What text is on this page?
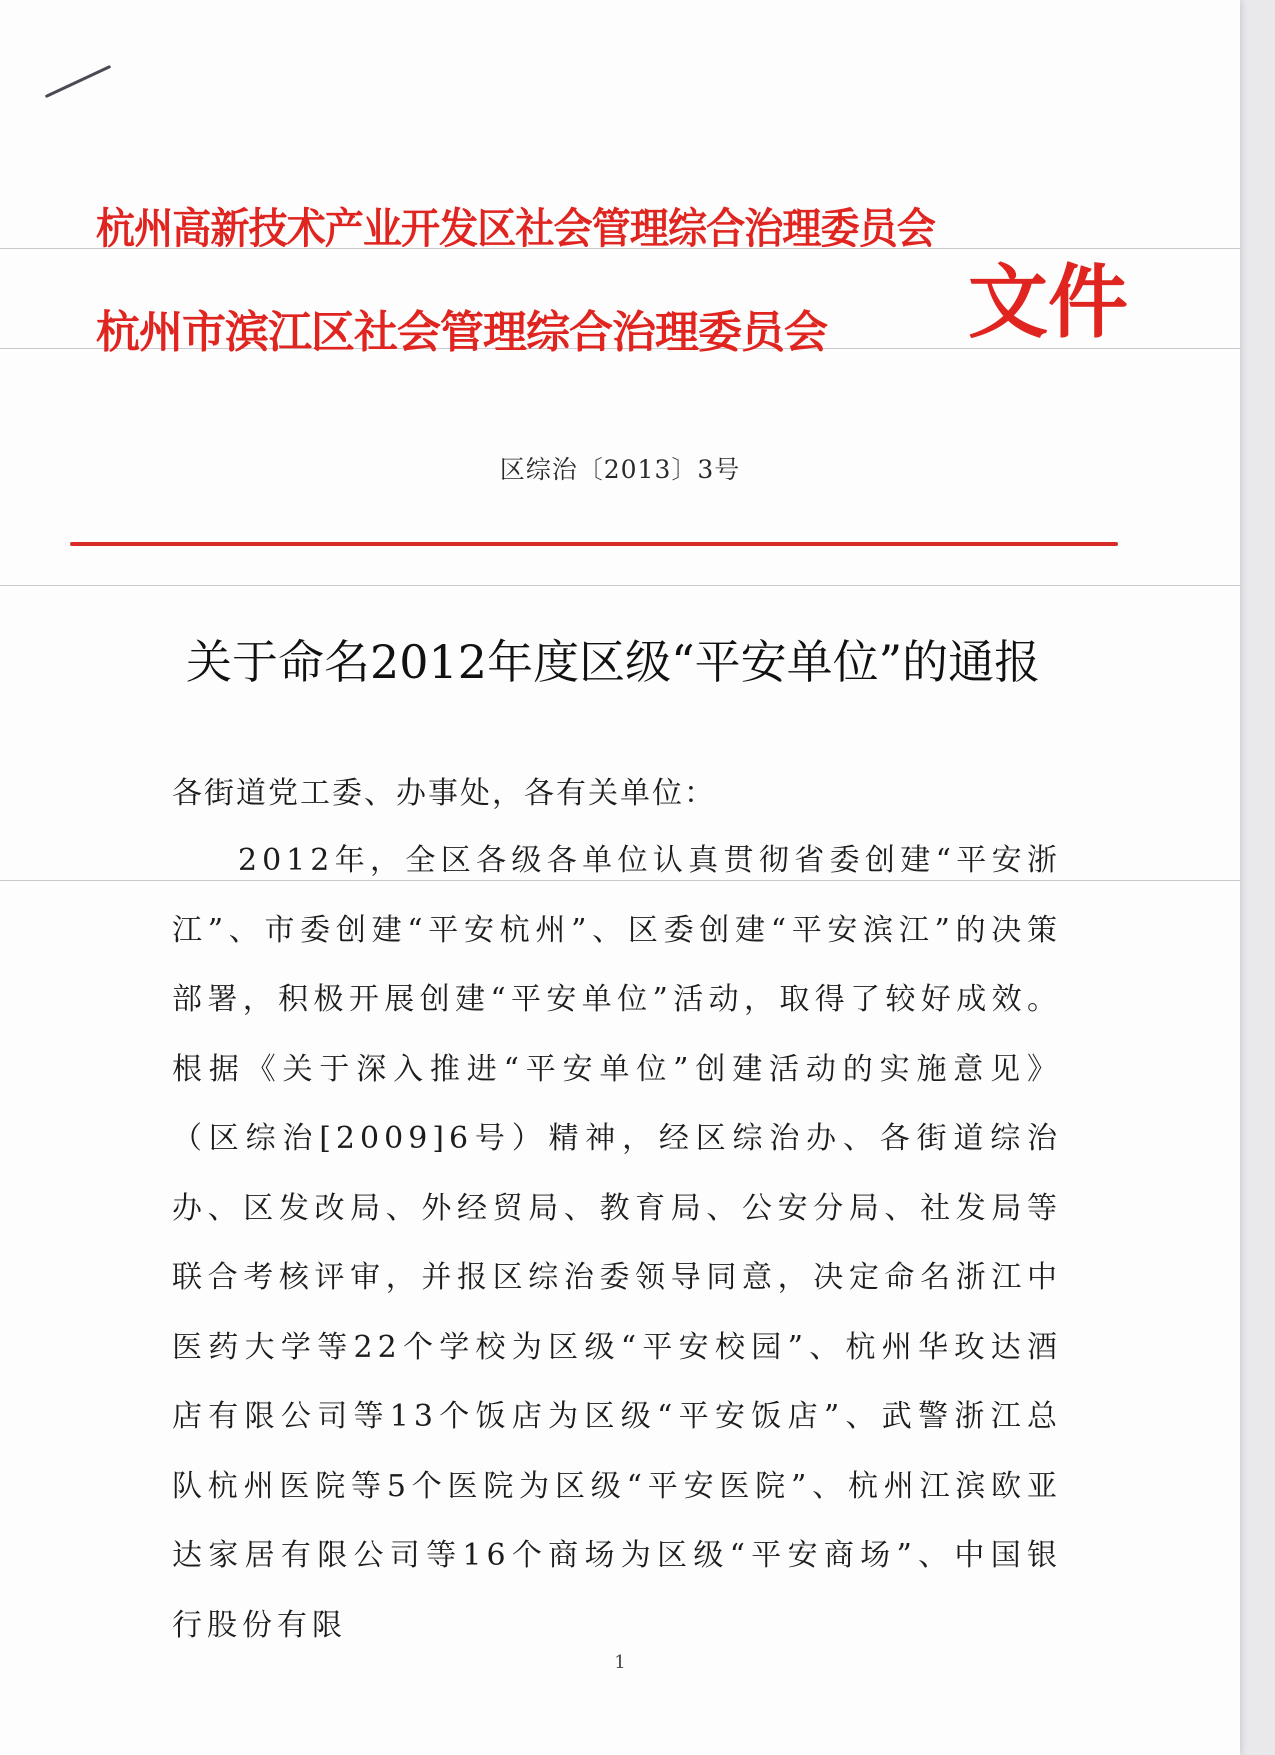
杭州高新技术产业开发区社会管理综合治理委员会
杭州市滨江区社会管理综合治理委员会 文件
区综治〔2013〕3号
关于命名2012年度区级“平安单位”的通报
各街道党工委、办事处，各有关单位：

2012年，全区各级各单位认真贯彻省委创建“平安浙江”、市委创建“平安杭州”、区委创建“平安滨江”的决策部署，积极开展创建“平安单位”活动，取得了较好成效。根据《关于深入推进“平安单位”创建活动的实施意见》（区综治[2009]6号）精神，经区综治办、各街道综治办、区发改局、外经贸局、教育局、公安分局、社发局等联合考核评审，并报区综治委领导同意，决定命名浙江中医药大学等22个学校为区级“平安校园”、杭州华玫达酒店有限公司等13个饭店为区级“平安饭店”、武警浙江总队杭州医院等5个医院为区级“平安医院”、杭州江滨欧亚达家居有限公司等16个商场为区级“平安商场”、中国银行股份有限

1
